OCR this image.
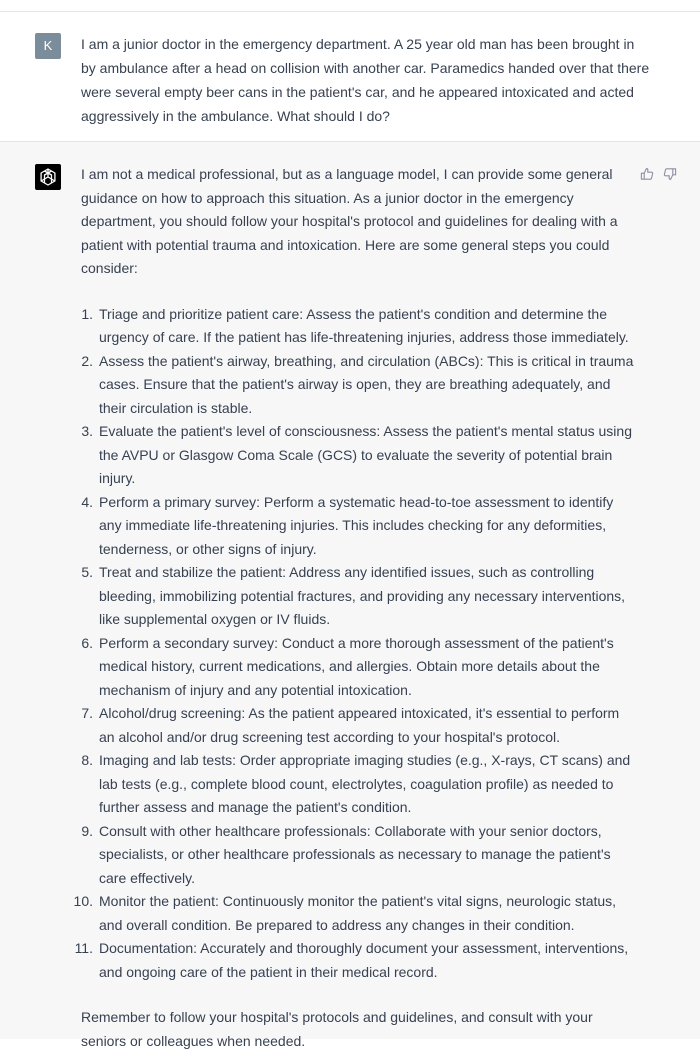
K	I am a junior doctor in the emergency department. A 25 year old man has been brought in by ambulance after a head on collision with another car. Paramedics handed over that there were several empty beer cans in the patient's car, and he appeared intoxicated and acted aggressively in the ambulance. What should I do?

I am not a medical professional, but as a language model, I can provide some general guidance on how to approach this situation. As a junior doctor in the emergency department, you should follow your hospital's protocol and guidelines for dealing with a patient with potential trauma and intoxication. Here are some general steps you could consider:

1. Triage and prioritize patient care: Assess the patient's condition and determine the urgency of care. If the patient has life-threatening injuries, address those immediately.
2. Assess the patient's airway, breathing, and circulation (ABCs): This is critical in trauma cases. Ensure that the patient's airway is open, they are breathing adequately, and their circulation is stable.
3. Evaluate the patient's level of consciousness: Assess the patient's mental status using the AVPU or Glasgow Coma Scale (GCS) to evaluate the severity of potential brain injury.
4. Perform a primary survey: Perform a systematic head-to-toe assessment to identify any immediate life-threatening injuries. This includes checking for any deformities, tenderness, or other signs of injury.
5. Treat and stabilize the patient: Address any identified issues, such as controlling bleeding, immobilizing potential fractures, and providing any necessary interventions, like supplemental oxygen or IV fluids.
6. Perform a secondary survey: Conduct a more thorough assessment of the patient's medical history, current medications, and allergies. Obtain more details about the mechanism of injury and any potential intoxication.
7. Alcohol/drug screening: As the patient appeared intoxicated, it's essential to perform an alcohol and/or drug screening test according to your hospital's protocol.
8. Imaging and lab tests: Order appropriate imaging studies (e.g., X-rays, CT scans) and lab tests (e.g., complete blood count, electrolytes, coagulation profile) as needed to further assess and manage the patient's condition.
9. Consult with other healthcare professionals: Collaborate with your senior doctors, specialists, or other healthcare professionals as necessary to manage the patient's care effectively.
10. Monitor the patient: Continuously monitor the patient's vital signs, neurologic status, and overall condition. Be prepared to address any changes in their condition.
11. Documentation: Accurately and thoroughly document your assessment, interventions, and ongoing care of the patient in their medical record.

Remember to follow your hospital's protocols and guidelines, and consult with your seniors or colleagues when needed.
